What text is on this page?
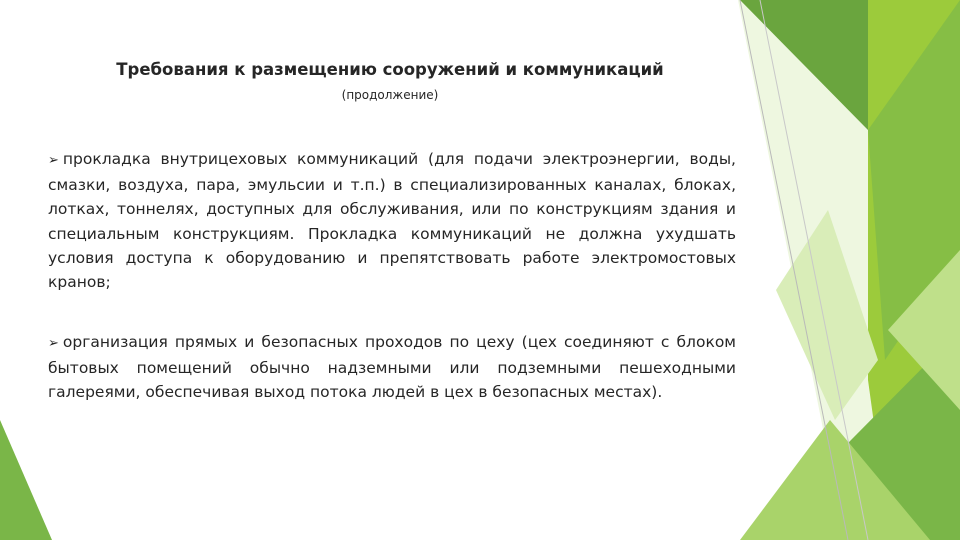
Требования к размещению сооружений и коммуникаций
(продолжение)

➢ прокладка внутрицеховых коммуникаций (для подачи электроэнергии, воды, смазки, воздуха, пара, эмульсии и т.п.) в специализированных каналах, блоках, лотках, тоннелях, доступных для обслуживания, или по конструкциям здания и специальным конструкциям. Прокладка коммуникаций не должна ухудшать условия доступа к оборудованию и препятствовать работе электромостовых кранов;

➢ организация прямых и безопасных проходов по цеху (цех соединяют с блоком бытовых помещений обычно надземными или подземными пешеходными галереями, обеспечивая выход потока людей в цех в безопасных местах).
